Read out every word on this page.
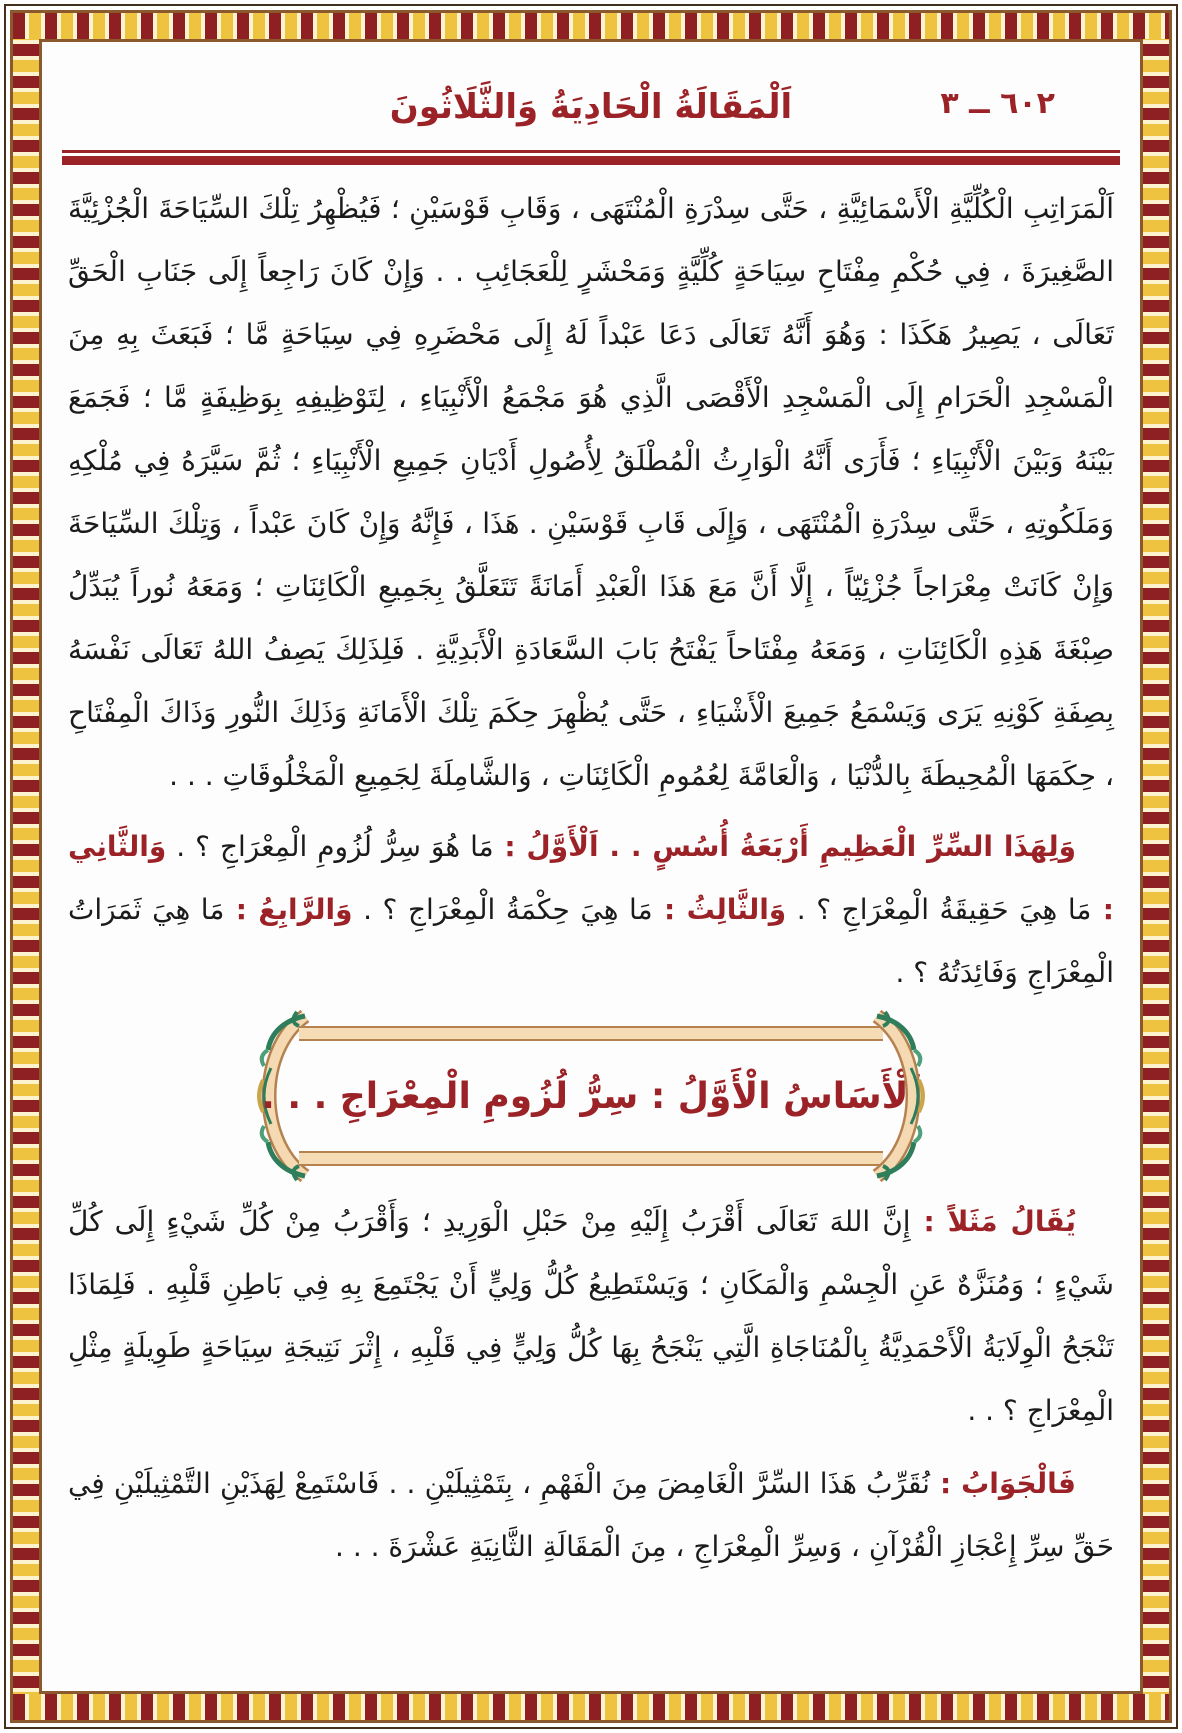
اَلْمَقَالَةُ الْحَادِيَةُ وَالثَّلَاثُونَ	٦٠٢ ــ ٣

اَلْمَرَاتِبِ الْكُلِّيَّةِ الْأَسْمَائِيَّةِ ، حَتَّى سِدْرَةِ الْمُنْتَهَى ، وَقَابِ قَوْسَيْنِ ؛ فَيُظْهِرُ تِلْكَ السِّيَاحَةَ الْجُزْئِيَّةَ الصَّغِيرَةَ ، فِي حُكْمِ مِفْتَاحِ سِيَاحَةٍ كُلِّيَّةٍ وَمَحْشَرٍ لِلْعَجَائِبِ . . وَإِنْ كَانَ رَاجِعاً إِلَى جَنَابِ الْحَقِّ تَعَالَى ، يَصِيرُ هَكَذَا : وَهُوَ أَنَّهُ تَعَالَى دَعَا عَبْداً لَهُ إِلَى مَحْضَرِهِ فِي سِيَاحَةٍ مَّا ؛ فَبَعَثَ بِهِ مِنَ الْمَسْجِدِ الْحَرَامِ إِلَى الْمَسْجِدِ الْأَقْصَى الَّذِي هُوَ مَجْمَعُ الْأَنْبِيَاءِ ، لِتَوْظِيفِهِ بِوَظِيفَةٍ مَّا ؛ فَجَمَعَ بَيْنَهُ وَبَيْنَ الْأَنْبِيَاءِ ؛ فَأَرَى أَنَّهُ الْوَارِثُ الْمُطْلَقُ لِأُصُولِ أَدْيَانِ جَمِيعِ الْأَنْبِيَاءِ ؛ ثُمَّ سَيَّرَهُ فِي مُلْكِهِ وَمَلَكُوتِهِ ، حَتَّى سِدْرَةِ الْمُنْتَهَى ، وَإِلَى قَابِ قَوْسَيْنِ . هَذَا ، فَإِنَّهُ وَإِنْ كَانَ عَبْداً ، وَتِلْكَ السِّيَاحَةَ وَإِنْ كَانَتْ مِعْرَاجاً جُزْئِيّاً ، إِلَّا أَنَّ مَعَ هَذَا الْعَبْدِ أَمَانَةً تَتَعَلَّقُ بِجَمِيعِ الْكَائِنَاتِ ؛ وَمَعَهُ نُوراً يُبَدِّلُ صِبْغَةَ هَذِهِ الْكَائِنَاتِ ، وَمَعَهُ مِفْتَاحاً يَفْتَحُ بَابَ السَّعَادَةِ الْأَبَدِيَّةِ . فَلِذَلِكَ يَصِفُ اللهُ تَعَالَى نَفْسَهُ بِصِفَةِ كَوْنِهِ يَرَى وَيَسْمَعُ جَمِيعَ الْأَشْيَاءِ ، حَتَّى يُظْهِرَ حِكَمَ تِلْكَ الْأَمَانَةِ وَذَلِكَ النُّورِ وَذَاكَ الْمِفْتَاحِ ، حِكَمَهَا الْمُحِيطَةَ بِالدُّنْيَا ، وَالْعَامَّةَ لِعُمُومِ الْكَائِنَاتِ ، وَالشَّامِلَةَ لِجَمِيعِ الْمَخْلُوقَاتِ . . .

وَلِهَذَا السِّرِّ الْعَظِيمِ أَرْبَعَةُ أُسُسٍ . . اَلْأَوَّلُ : مَا هُوَ سِرُّ لُزُومِ الْمِعْرَاجِ ؟ . وَالثَّانِي : مَا هِيَ حَقِيقَةُ الْمِعْرَاجِ ؟ . وَالثَّالِثُ : مَا هِيَ حِكْمَةُ الْمِعْرَاجِ ؟ . وَالرَّابِعُ : مَا هِيَ ثَمَرَاتُ الْمِعْرَاجِ وَفَائِدَتُهُ ؟ .

اَلْأَسَاسُ الْأَوَّلُ : سِرُّ لُزُومِ الْمِعْرَاجِ . . .

يُقَالُ مَثَلاً : إِنَّ اللهَ تَعَالَى أَقْرَبُ إِلَيْهِ مِنْ حَبْلِ الْوَرِيدِ ؛ وَأَقْرَبُ مِنْ كُلِّ شَيْءٍ إِلَى كُلِّ شَيْءٍ ؛ وَمُنَزَّهٌ عَنِ الْجِسْمِ وَالْمَكَانِ ؛ وَيَسْتَطِيعُ كُلُّ وَلِيٍّ أَنْ يَجْتَمِعَ بِهِ فِي بَاطِنِ قَلْبِهِ . فَلِمَاذَا تَنْجَحُ الْوِلَايَةُ الْأَحْمَدِيَّةُ بِالْمُنَاجَاةِ الَّتِي يَنْجَحُ بِهَا كُلُّ وَلِيٍّ فِي قَلْبِهِ ، إِثْرَ نَتِيجَةِ سِيَاحَةٍ طَوِيلَةٍ مِثْلِ الْمِعْرَاجِ ؟ . .

فَالْجَوَابُ : نُقَرِّبُ هَذَا السِّرَّ الْغَامِضَ مِنَ الْفَهْمِ ، بِتَمْثِيلَيْنِ . . فَاسْتَمِعْ لِهَذَيْنِ التَّمْثِيلَيْنِ فِي حَقِّ سِرِّ إِعْجَازِ الْقُرْآنِ ، وَسِرِّ الْمِعْرَاجِ ، مِنَ الْمَقَالَةِ الثَّانِيَةِ عَشْرَةَ . . .
